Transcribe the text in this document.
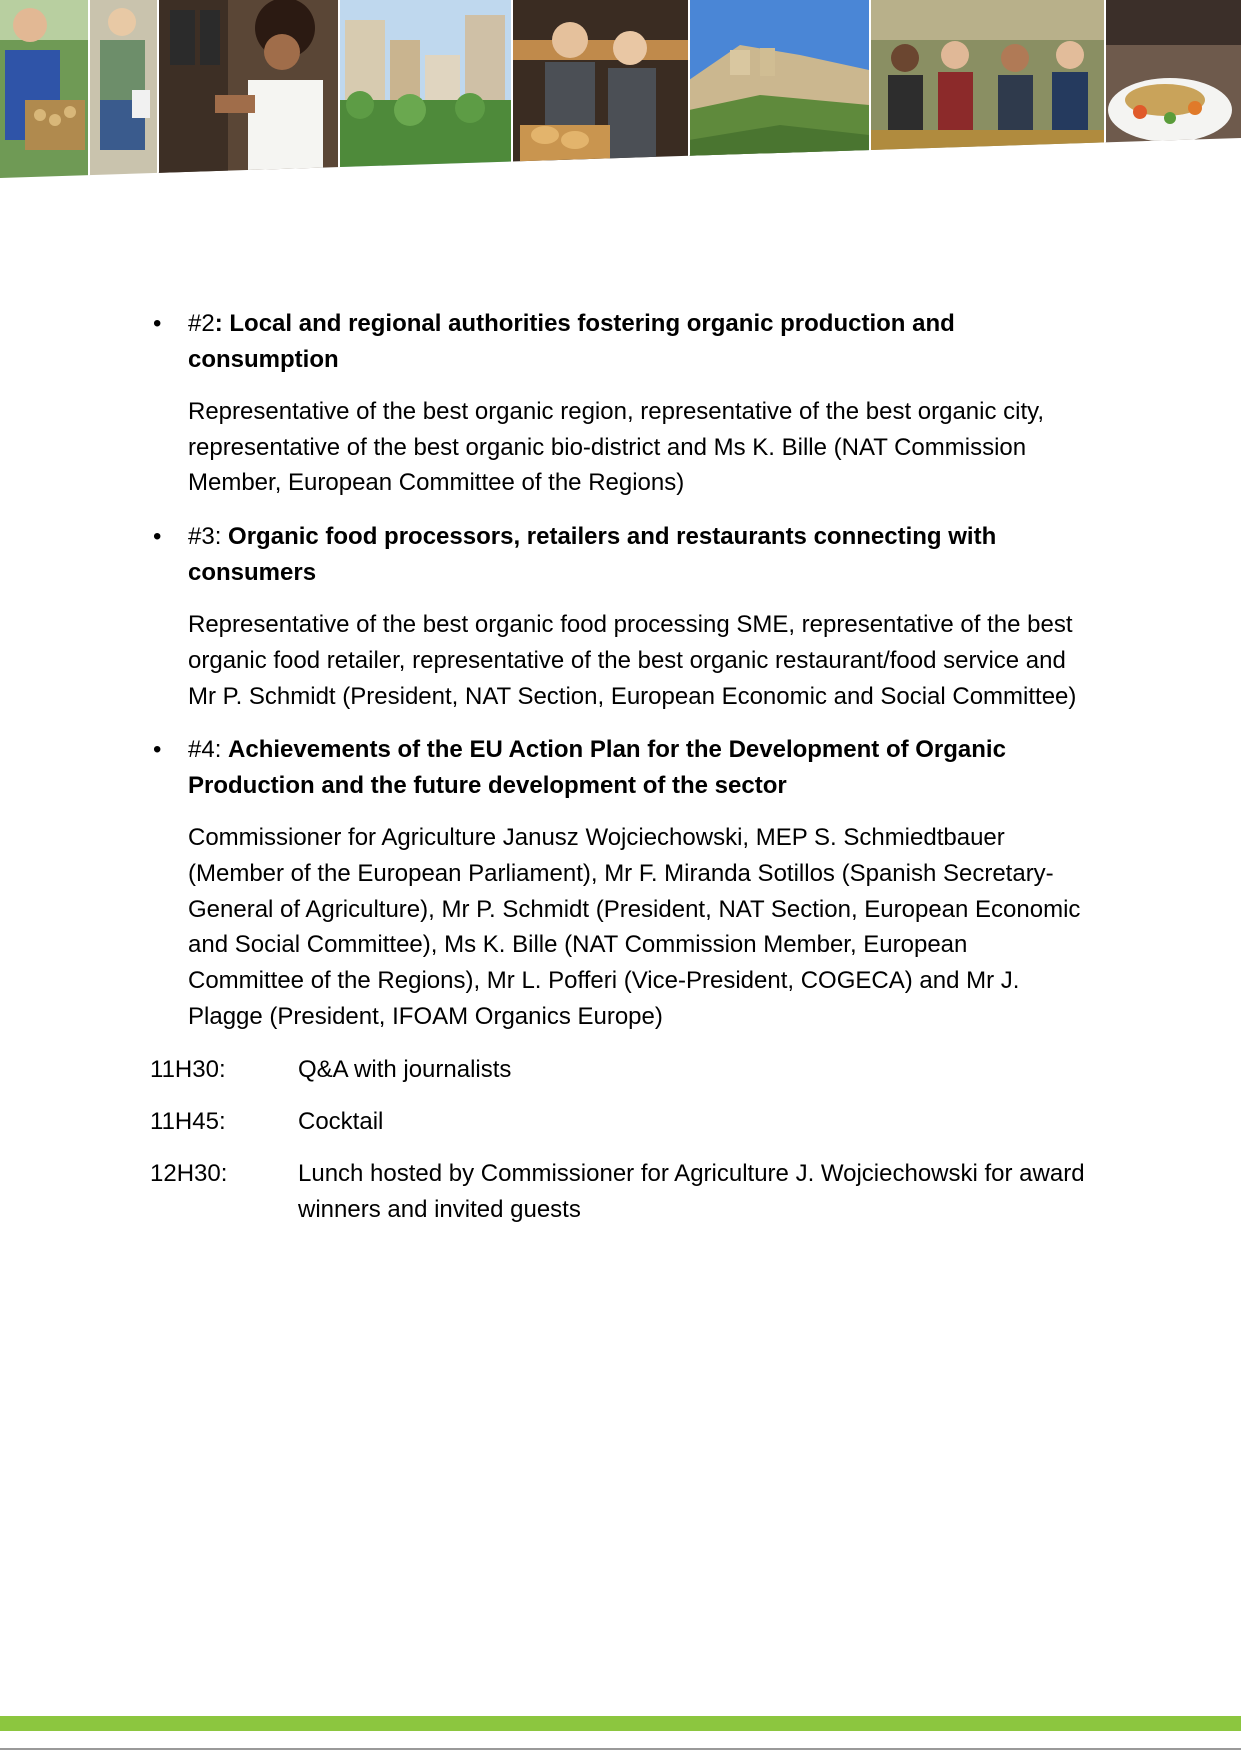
• #2: Local and regional authorities fostering organic production and consumption

Representative of the best organic region, representative of the best organic city, representative of the best organic bio-district and Ms K. Bille (NAT Commission Member, European Committee of the Regions)

• #3: Organic food processors, retailers and restaurants connecting with consumers

Representative of the best organic food processing SME, representative of the best organic food retailer, representative of the best organic restaurant/food service and Mr P. Schmidt (President, NAT Section, European Economic and Social Committee)

• #4: Achievements of the EU Action Plan for the Development of Organic Production and the future development of the sector

Commissioner for Agriculture Janusz Wojciechowski, MEP S. Schmiedtbauer (Member of the European Parliament), Mr F. Miranda Sotillos (Spanish Secretary-General of Agriculture), Mr P. Schmidt (President, NAT Section, European Economic and Social Committee), Ms K. Bille (NAT Commission Member, European Committee of the Regions), Mr L. Pofferi (Vice-President, COGECA) and Mr J. Plagge (President, IFOAM Organics Europe)

11H30:	Q&A with journalists
11H45:	Cocktail
12H30:	Lunch hosted by Commissioner for Agriculture J. Wojciechowski for award winners and invited guests
